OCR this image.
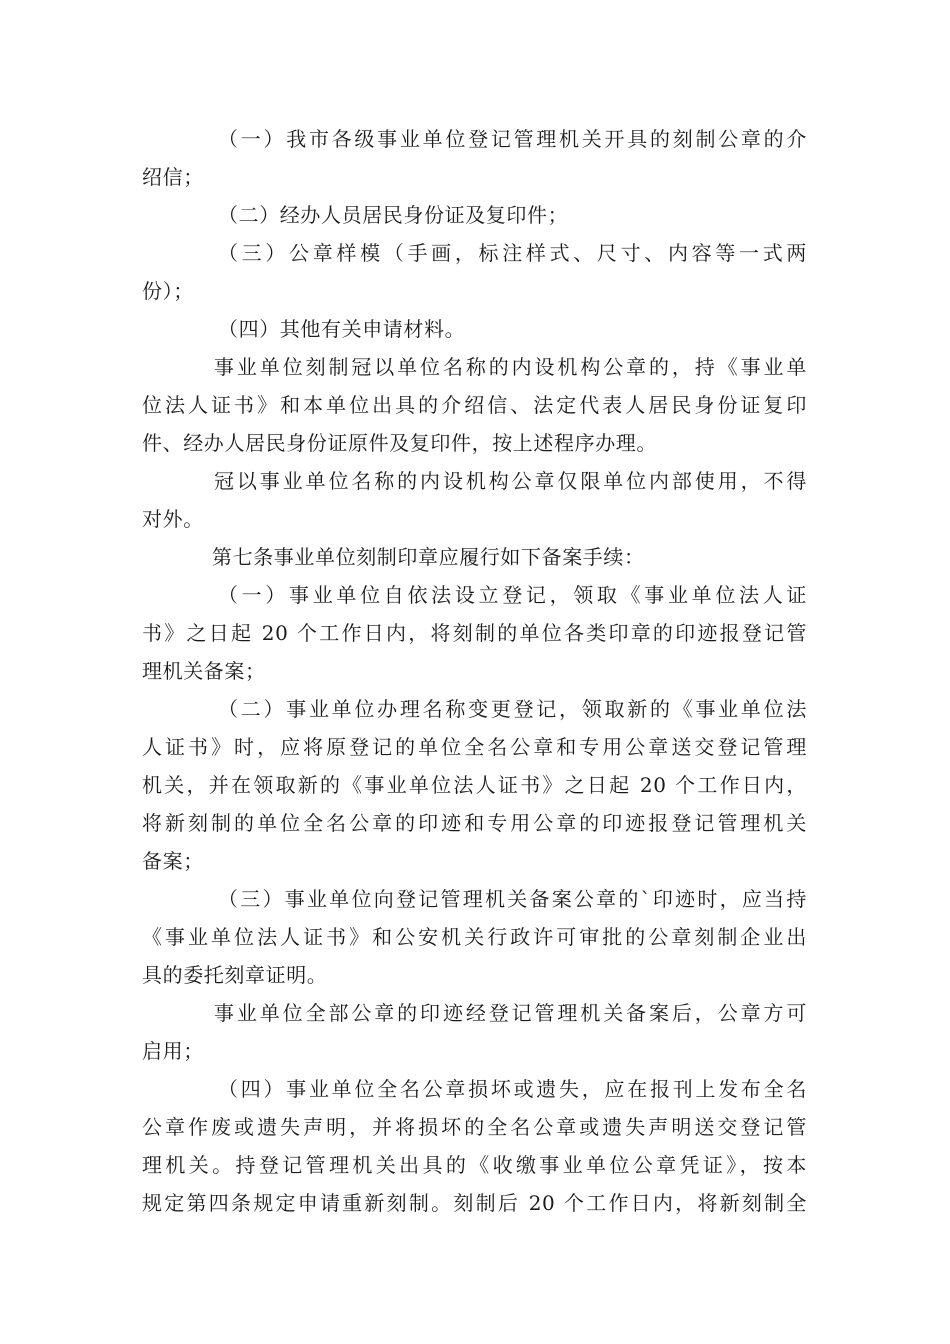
（一）我市各级事业单位登记管理机关开具的刻制公章的介
绍信；
（二）经办人员居民身份证及复印件；
（三）公章样模（手画，标注样式、尺寸、内容等一式两
份）；
（四）其他有关申请材料。
事业单位刻制冠以单位名称的内设机构公章的，持《事业单
位法人证书》和本单位出具的介绍信、法定代表人居民身份证复印
件、经办人居民身份证原件及复印件，按上述程序办理。
冠以事业单位名称的内设机构公章仅限单位内部使用，不得
对外。
第七条事业单位刻制印章应履行如下备案手续：
（一）事业单位自依法设立登记，领取《事业单位法人证
书》之日起 20 个工作日内，将刻制的单位各类印章的印迹报登记管
理机关备案；
（二）事业单位办理名称变更登记，领取新的《事业单位法
人证书》时，应将原登记的单位全名公章和专用公章送交登记管理
机关，并在领取新的《事业单位法人证书》之日起 20 个工作日内，
将新刻制的单位全名公章的印迹和专用公章的印迹报登记管理机关
备案；
（三）事业单位向登记管理机关备案公章的`印迹时，应当持
《事业单位法人证书》和公安机关行政许可审批的公章刻制企业出
具的委托刻章证明。
事业单位全部公章的印迹经登记管理机关备案后，公章方可
启用；
（四）事业单位全名公章损坏或遗失，应在报刊上发布全名
公章作废或遗失声明，并将损坏的全名公章或遗失声明送交登记管
理机关。持登记管理机关出具的《收缴事业单位公章凭证》，按本
规定第四条规定申请重新刻制。刻制后 20 个工作日内，将新刻制全
